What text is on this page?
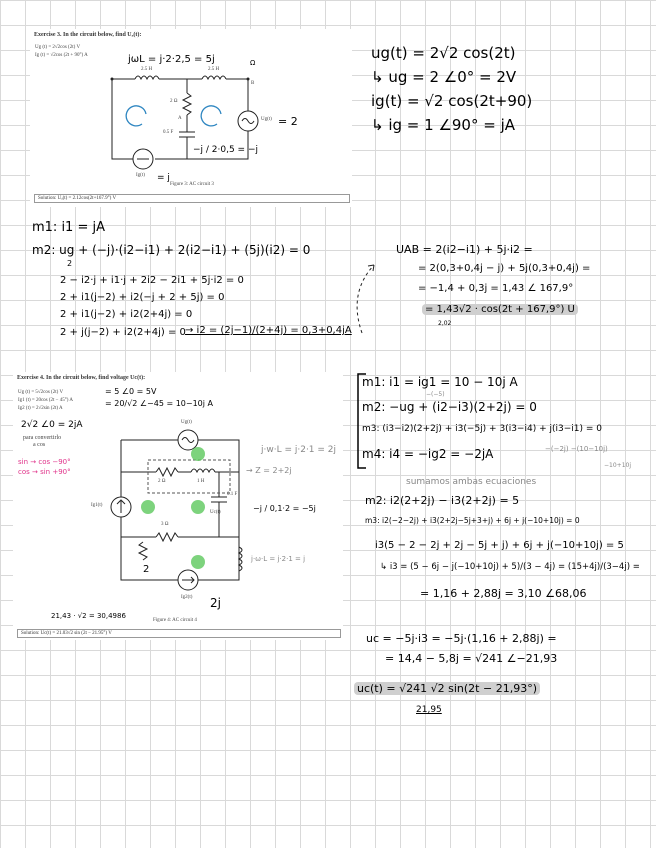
Exercise 3. In the circuit below, find Uₐ(t):
Ug (t) = 2√2cos (2t) V
Ig (t) = √2cos (2t + 90°) A
2.5 H	2.5 H
2 Ω
0.5 F
A
B
Ug(t)
Ig(t)
jωL = j·2·2,5 = 5j	Ω
= 2
−j / 2·0,5 = −j
= j
Figure 3: AC circuit 3
Solution: Uₐ(t) = 2.12cos(2t+167.9°) V
ug(t) = 2√2 cos(2t)
↳ ug = 2 ∠0° = 2V
ig(t) = √2 cos(2t+90)
↳ ig = 1 ∠90° = jA
m1: i1 = jA
m2: ug + (−j)·(i2−i1) + 2(i2−i1) + (5j)(i2) = 0
2
2 − i2·j + i1·j + 2i2 − 2i1 + 5j·i2 = 0
2 + i1(j−2) + i2(−j + 2 + 5j) = 0
2 + i1(j−2) + i2(2+4j) = 0
2 + j(j−2) + i2(2+4j) = 0 → i2 = (2j−1)/(2+4j) = 0,3+0,4jA
UAB = 2(i2−i1) + 5j·i2 =
= 2(0,3+0,4j − j) + 5j(0,3+0,4j) =
= −1,4 + 0,3j = 1,43 ∠ 167,9°
= 1,43√2 · cos(2t + 167,9°) U
2,02
Exercise 4. In the circuit below, find voltage Uc(t):
Ug (t) = 5√2cos (2t) V
Ig1 (t) = 20cos (2t − 45°) A
Ig2 (t) = 2√2sin (2t) A
= 5 ∠0 = 5V
= 20/√2 ∠−45 = 10−10j A
2√2 ∠0 = 2jA
para convertirlo
a cos
sin → cos −90°
cos → sin +90°
2 Ω	1 H
3 Ω
0.1 F
Uc(t)
Ig1(t)
Ig2(t)
Ug(t)
2
2j
j·w·L = j·2·1 = 2j
→ Z = 2+2j
−j / 0,1·2 = −5j
j·ω·L = j·2·1 = j
Figure 4: AC circuit 4
21,43 · √2 = 30,4986
Solution: Uc(t) = 21.03√2 sin (2t − 21.95°) V
m1: i1 = ig1 = 10 − 10j A
−(−5)
m2: −ug + (i2−i3)(2+2j) = 0
m3: (i3−i2)(2+2j) + i3(−5j) + 3(i3−i4) + j(i3−i1) = 0
m4: i4 = −ig2 = −2jA	−(−2j) −(10−10j)
−10+10j
sumamos ambas ecuaciones
m2: i2(2+2j) − i3(2+2j) = 5
m3: i2(−2−2j) + i3(2+2j−5j+3+j) + 6j + j(−10+10j) = 0
i3(5 − 2 − 2j + 2j − 5j + j) + 6j + j(−10+10j) = 5
↳ i3 = (5 − 6j − j(−10+10j) + 5)/(3 − 4j) = (15+4j)/(3−4j) =
= 1,16 + 2,88j = 3,10 ∠68,06
uc = −5j·i3 = −5j·(1,16 + 2,88j) =
= 14,4 − 5,8j = √241 ∠−21,93
uc(t) = √241 √2 sin(2t − 21,93°)
21,95
